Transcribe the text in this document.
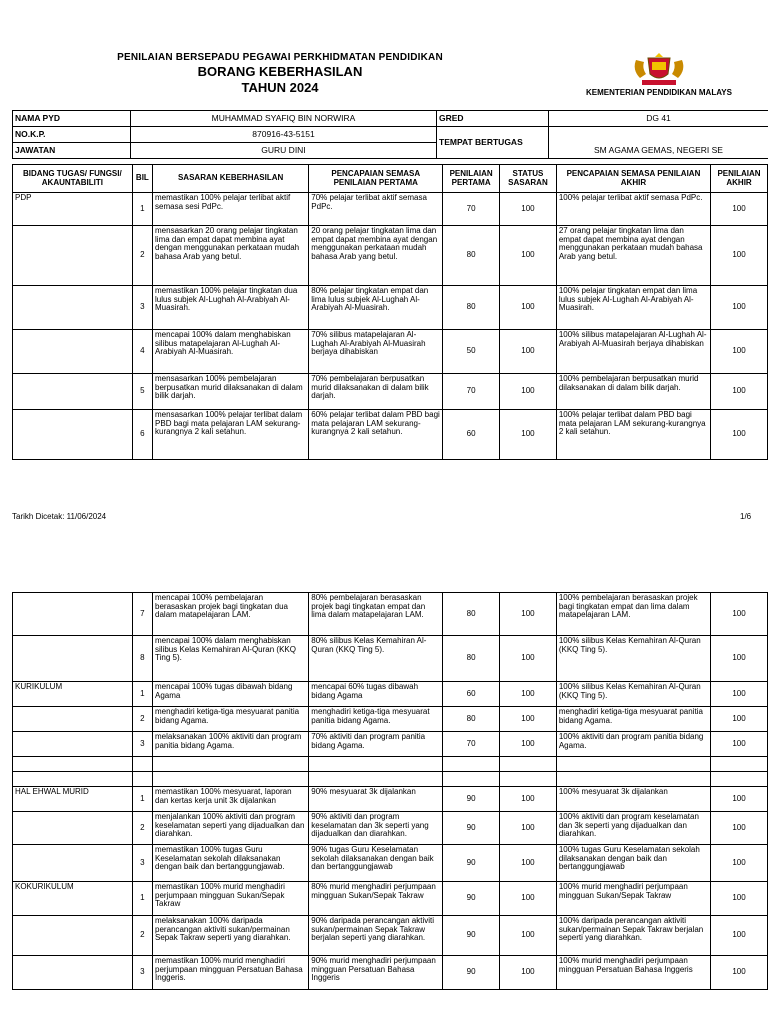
PENILAIAN BERSEPADU PEGAWAI PERKHIDMATAN PENDIDIKAN
BORANG KEBERHASILAN
TAHUN 2024	KEMENTERIAN PENDIDIKAN MALAYS
NAMA PYD	MUHAMMAD SYAFIQ BIN NORWIRA	GRED	DG 41
NO.K.P.	870916-43-5151	TEMPAT BERTUGAS	
JAWATAN	GURU DINI		SM AGAMA GEMAS, NEGERI SE
BIDANG TUGAS/ FUNGSI/ AKAUNTABILITI	BIL	SASARAN KEBERHASILAN	PENCAPAIAN SEMASA PENILAIAN PERTAMA	PENILAIAN PERTAMA	STATUS SASARAN	PENCAPAIAN SEMASA PENILAIAN AKHIR	PENILAIAN AKHIR
PDP	1	memastikan 100% pelajar terlibat aktif semasa sesi PdPc.	70% pelajar terlibat aktif semasa PdPc.	70	100	100% pelajar terlibat aktif semasa PdPc.	100
	2	mensasarkan 20 orang pelajar tingkatan lima dan empat dapat membina ayat dengan menggunakan perkataan mudah bahasa Arab yang betul.	20 orang pelajar tingkatan lima dan empat dapat membina ayat dengan menggunakan perkataan mudah bahasa Arab yang betul.	80	100	27 orang pelajar tingkatan lima dan empat dapat membina ayat dengan menggunakan perkataan mudah bahasa Arab yang betul.	100
	3	memastikan 100% pelajar tingkatan dua lulus subjek Al-Lughah Al-Arabiyah Al-Muasirah.	80% pelajar tingkatan empat dan lima lulus subjek Al-Lughah Al-Arabiyah Al-Muasirah.	80	100	100% pelajar tingkatan empat dan lima lulus subjek Al-Lughah Al-Arabiyah Al-Muasirah.	100
	4	mencapai 100% dalam menghabiskan silibus matapelajaran Al-Lughah Al-Arabiyah Al-Muasirah.	70% silibus matapelajaran Al-Lughah Al-Arabiyah Al-Muasirah berjaya dihabiskan	50	100	100% silibus matapelajaran Al-Lughah Al-Arabiyah Al-Muasirah berjaya dihabiskan	100
	5	mensasarkan 100% pembelajaran berpusatkan murid dilaksanakan di dalam bilik darjah.	70% pembelajaran berpusatkan murid dilaksanakan di dalam bilik darjah.	70	100	100% pembelajaran berpusatkan murid dilaksanakan di dalam bilik darjah.	100
	6	mensasarkan 100% pelajar terlibat dalam PBD bagi mata pelajaran LAM sekurang-kurangnya 2 kali setahun.	60% pelajar terlibat dalam PBD bagi mata pelajaran LAM sekurang-kurangnya 2 kali setahun.	60	100	100% pelajar terlibat dalam PBD bagi mata pelajaran LAM sekurang-kurangnya 2 kali setahun.	100
Tarikh Dicetak: 11/06/2024	1/6
	7	mencapai 100% pembelajaran berasaskan projek bagi tingkatan dua dalam matapelajaran LAM.	80% pembelajaran berasaskan projek bagi tingkatan empat dan lima dalam matapelajaran LAM.	80	100	100% pembelajaran berasaskan projek bagi tingkatan empat dan lima dalam matapelajaran LAM.	100
	8	mencapai 100% dalam menghabiskan silibus Kelas Kemahiran Al-Quran (KKQ Ting 5).	80% silibus Kelas Kemahiran Al-Quran (KKQ Ting 5).	80	100	100% silibus Kelas Kemahiran Al-Quran (KKQ Ting 5).	100
KURIKULUM	1	mencapai 100% tugas dibawah bidang Agama	mencapai 60% tugas dibawah bidang Agama	60	100	100% silibus Kelas Kemahiran Al-Quran (KKQ Ting 5).	100
	2	menghadiri ketiga-tiga mesyuarat panitia bidang Agama.	menghadiri ketiga-tiga mesyuarat panitia bidang Agama.	80	100	menghadiri ketiga-tiga mesyuarat panitia bidang Agama.	100
	3	melaksanakan 100% aktiviti dan program panitia bidang Agama.	70% aktiviti dan program panitia bidang Agama.	70	100	100% aktiviti dan program panitia bidang Agama.	100

HAL EHWAL MURID	1	memastikan 100% mesyuarat, laporan dan kertas kerja unit 3k dijalankan	90% mesyuarat 3k dijalankan	90	100	100% mesyuarat 3k dijalankan	100
	2	menjalankan 100% aktiviti dan program keselamatan seperti yang dijadualkan dan diarahkan.	90% aktiviti dan program keselamatan dan 3k seperti yang dijadualkan dan diarahkan.	90	100	100% aktiviti dan program keselamatan dan 3k seperti yang dijadualkan dan diarahkan.	100
	3	memastikan 100% tugas Guru Keselamatan sekolah dilaksanakan dengan baik dan bertanggungjawab.	90% tugas Guru Keselamatan sekolah dilaksanakan dengan baik dan bertanggungjawab	90	100	100% tugas Guru Keselamatan sekolah dilaksanakan dengan baik dan bertanggungjawab	100
KOKURIKULUM	1	memastikan 100% murid menghadiri perjumpaan mingguan Sukan/Sepak Takraw	80% murid menghadiri perjumpaan mingguan Sukan/Sepak Takraw	90	100	100% murid menghadiri perjumpaan mingguan Sukan/Sepak Takraw	100
	2	melaksanakan 100% daripada perancangan aktiviti sukan/permainan Sepak Takraw seperti yang diarahkan.	90% daripada perancangan aktiviti sukan/permainan Sepak Takraw berjalan seperti yang diarahkan.	90	100	100% daripada perancangan aktiviti sukan/permainan Sepak Takraw berjalan seperti yang diarahkan.	100
	3	memastikan 100% murid menghadiri perjumpaan mingguan Persatuan Bahasa Inggeris.	90% murid menghadiri perjumpaan mingguan Persatuan Bahasa Inggeris	90	100	100% murid menghadiri perjumpaan mingguan Persatuan Bahasa Inggeris	100
